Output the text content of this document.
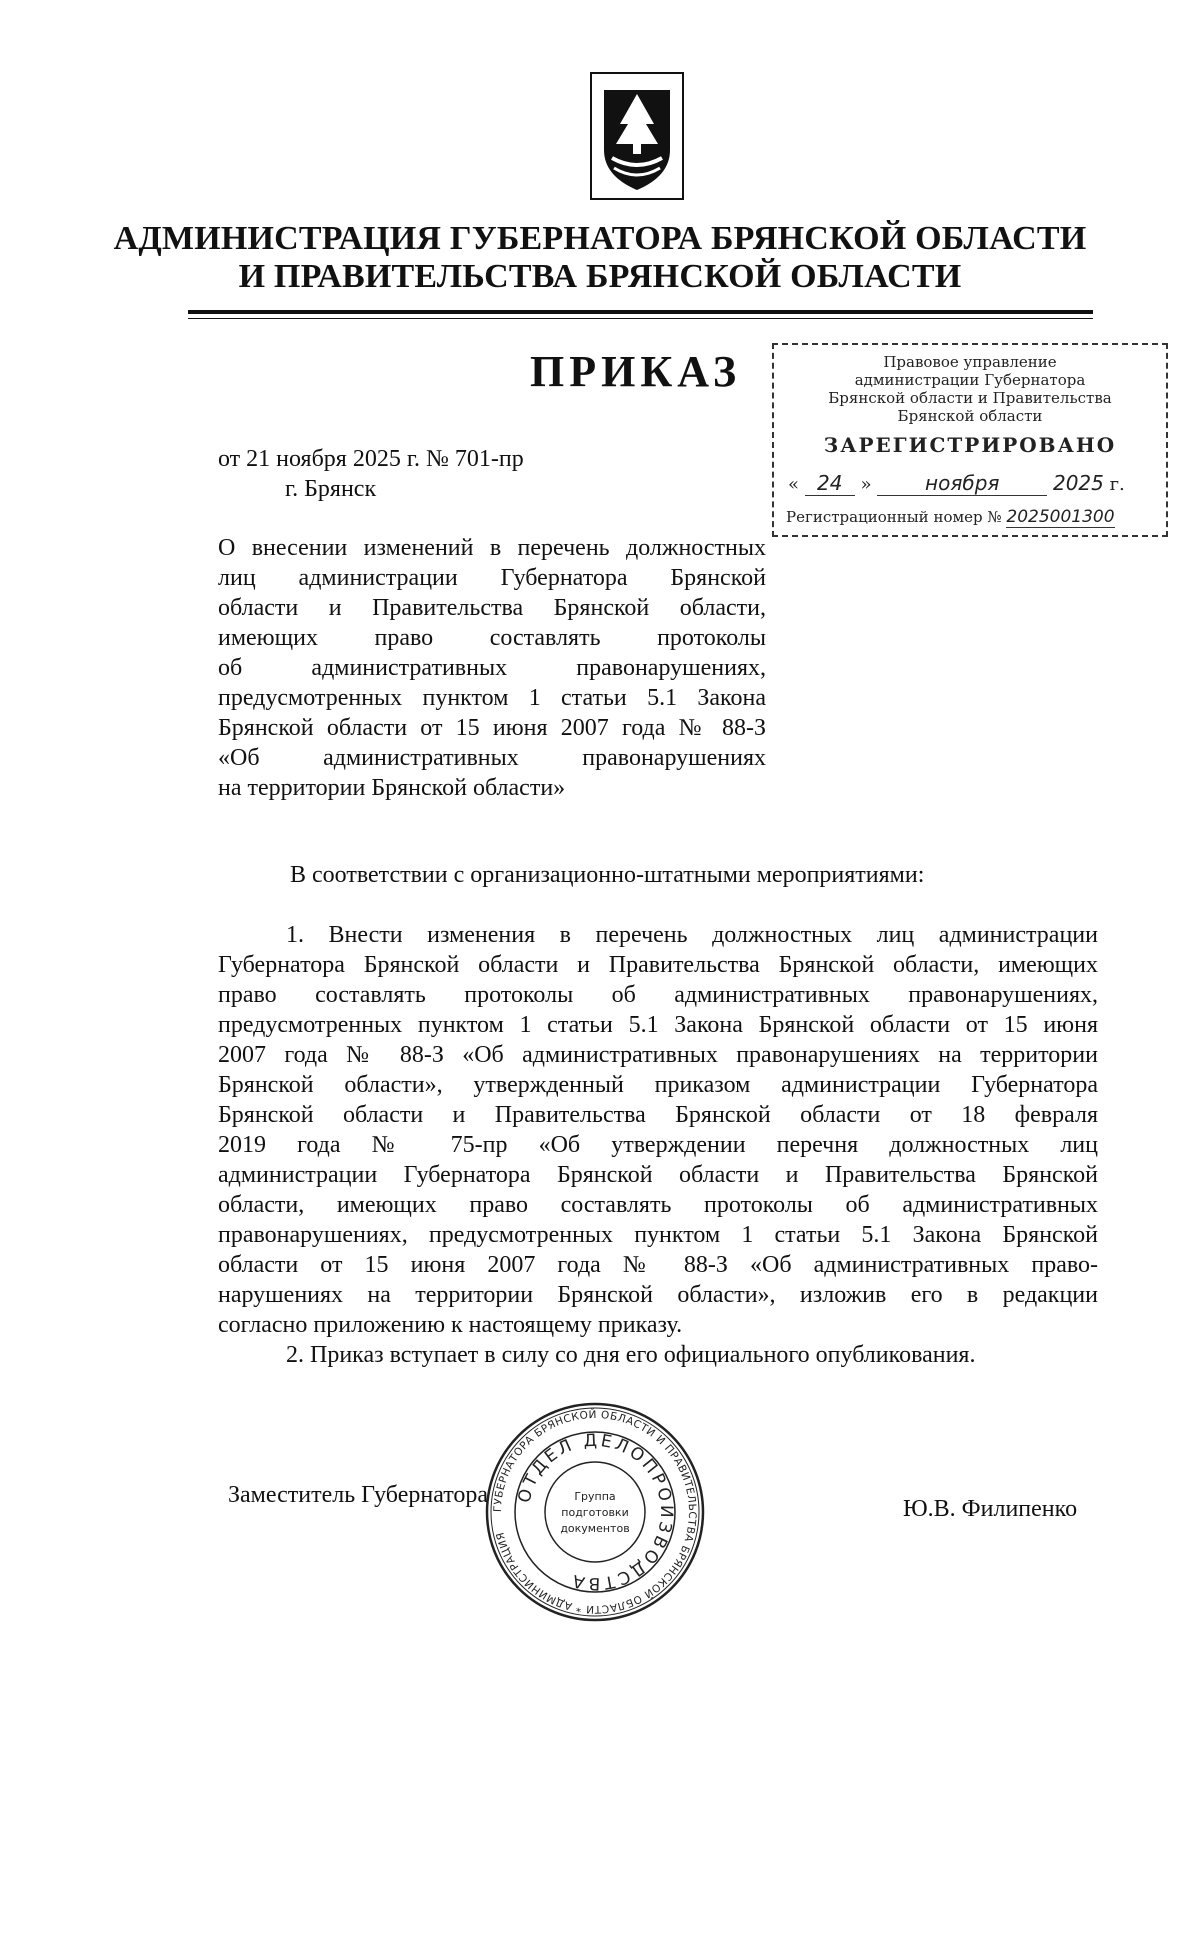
АДМИНИСТРАЦИЯ ГУБЕРНАТОРА БРЯНСКОЙ ОБЛАСТИ
И ПРАВИТЕЛЬСТВА БРЯНСКОЙ ОБЛАСТИ
ПРИКАЗ
от 21 ноября 2025 г. № 701-пр
г. Брянск
Правовое управление
администрации Губернатора
Брянской области и Правительства
Брянской области
ЗАРЕГИСТРИРОВАНО
« 24 »	ноября	2025 г.
Регистрационный номер № 2025001300
О внесении изменений в перечень должностных
лиц администрации Губернатора Брянской
области и Правительства Брянской области,
имеющих право составлять протоколы
об административных правонарушениях,
предусмотренных пунктом 1 статьи 5.1 Закона
Брянской области от 15 июня 2007 года № 88-З
«Об административных правонарушениях
на территории Брянской области»
В соответствии с организационно-штатными мероприятиями:
1. Внести изменения в перечень должностных лиц администрации
Губернатора Брянской области и Правительства Брянской области, имеющих
право составлять протоколы об административных правонарушениях,
предусмотренных пунктом 1 статьи 5.1 Закона Брянской области от 15 июня
2007 года № 88-З «Об административных правонарушениях на территории
Брянской области», утвержденный приказом администрации Губернатора
Брянской области и Правительства Брянской области от 18 февраля
2019 года № 75-пр «Об утверждении перечня должностных лиц
администрации Губернатора Брянской области и Правительства Брянской
области, имеющих право составлять протоколы об административных
правонарушениях, предусмотренных пунктом 1 статьи 5.1 Закона Брянской
области от 15 июня 2007 года № 88-З «Об административных право-
нарушениях на территории Брянской области», изложив его в редакции
согласно приложению к настоящему приказу.
2. Приказ вступает в силу со дня его официального опубликования.
ГУБЕРНАТОРА БРЯНСКОЙ ОБЛАСТИ И ПРАВИТЕЛЬСТВА БРЯНСКОЙ ОБЛАСТИ * АДМИНИСТРАЦИЯ
ОТДЕЛ ДЕЛОПРОИЗВОДСТВА
Группа
подготовки
документов
Заместитель Губернатора
Ю.В. Филипенко
